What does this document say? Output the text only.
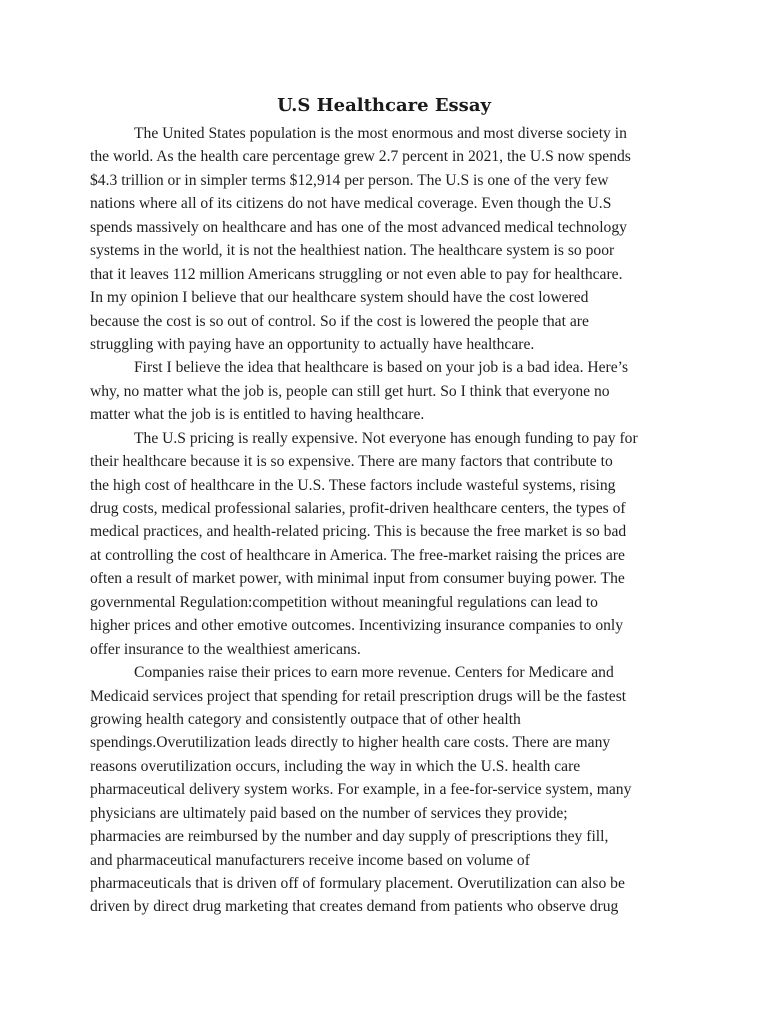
U.S Healthcare Essay
The United States population is the most enormous and most diverse society in
the world. As the health care percentage grew 2.7 percent in 2021, the U.S now spends
$4.3 trillion or in simpler terms $12,914 per person. The U.S is one of the very few
nations where all of its citizens do not have medical coverage. Even though the U.S
spends massively on healthcare and has one of the most advanced medical technology
systems in the world, it is not the healthiest nation. The healthcare system is so poor
that it leaves 112 million Americans struggling or not even able to pay for healthcare.
In my opinion I believe that our healthcare system should have the cost lowered
because the cost is so out of control. So if the cost is lowered the people that are
struggling with paying have an opportunity to actually have healthcare.
First I believe the idea that healthcare is based on your job is a bad idea. Here’s
why, no matter what the job is, people can still get hurt. So I think that everyone no
matter what the job is is entitled to having healthcare.
The U.S pricing is really expensive. Not everyone has enough funding to pay for
their healthcare because it is so expensive. There are many factors that contribute to
the high cost of healthcare in the U.S. These factors include wasteful systems, rising
drug costs, medical professional salaries, profit-driven healthcare centers, the types of
medical practices, and health-related pricing. This is because the free market is so bad
at controlling the cost of healthcare in America. The free-market raising the prices are
often a result of market power, with minimal input from consumer buying power. The
governmental Regulation:competition without meaningful regulations can lead to
higher prices and other emotive outcomes. Incentivizing insurance companies to only
offer insurance to the wealthiest americans.
Companies raise their prices to earn more revenue. Centers for Medicare and
Medicaid services project that spending for retail prescription drugs will be the fastest
growing health category and consistently outpace that of other health
spendings.Overutilization leads directly to higher health care costs. There are many
reasons overutilization occurs, including the way in which the U.S. health care
pharmaceutical delivery system works. For example, in a fee-for-service system, many
physicians are ultimately paid based on the number of services they provide;
pharmacies are reimbursed by the number and day supply of prescriptions they fill,
and pharmaceutical manufacturers receive income based on volume of
pharmaceuticals that is driven off of formulary placement. Overutilization can also be
driven by direct drug marketing that creates demand from patients who observe drug
